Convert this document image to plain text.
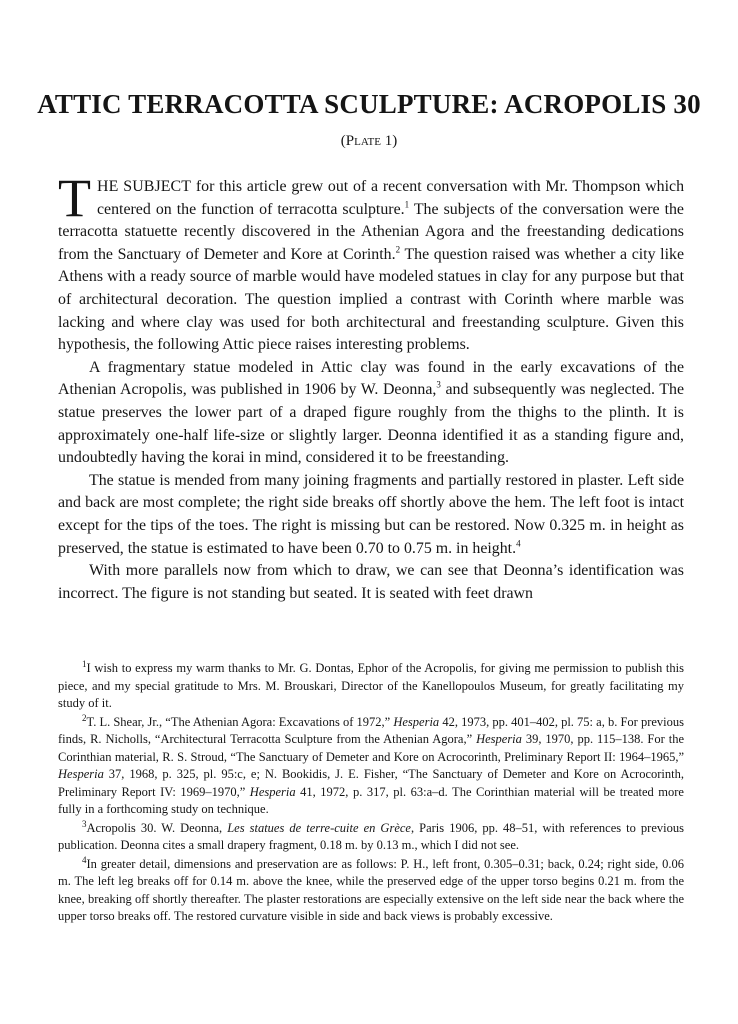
ATTIC TERRACOTTA SCULPTURE: ACROPOLIS 30

(Plate 1)

THE SUBJECT for this article grew out of a recent conversation with Mr. Thompson which centered on the function of terracotta sculpture.$^1$ The subjects of the conversation were the terracotta statuette recently discovered in the Athenian Agora and the freestanding dedications from the Sanctuary of Demeter and Kore at Corinth.$^2$ The question raised was whether a city like Athens with a ready source of marble would have modeled statues in clay for any purpose but that of architectural decoration. The question implied a contrast with Corinth where marble was lacking and where clay was used for both architectural and freestanding sculpture. Given this hypothesis, the following Attic piece raises interesting problems.

A fragmentary statue modeled in Attic clay was found in the early excavations of the Athenian Acropolis, was published in 1906 by W. Deonna,$^3$ and subsequently was neglected. The statue preserves the lower part of a draped figure roughly from the thighs to the plinth. It is approximately one-half life-size or slightly larger. Deonna identified it as a standing figure and, undoubtedly having the korai in mind, considered it to be freestanding.

The statue is mended from many joining fragments and partially restored in plaster. Left side and back are most complete; the right side breaks off shortly above the hem. The left foot is intact except for the tips of the toes. The right is missing but can be restored. Now 0.325 m. in height as preserved, the statue is estimated to have been 0.70 to 0.75 m. in height.$^4$

With more parallels now from which to draw, we can see that Deonna’s identification was incorrect. The figure is not standing but seated. It is seated with feet drawn

$^1$I wish to express my warm thanks to Mr. G. Dontas, Ephor of the Acropolis, for giving me permission to publish this piece, and my special gratitude to Mrs. M. Brouskari, Director of the Kanellopoulos Museum, for greatly facilitating my study of it.

$^2$T. L. Shear, Jr., “The Athenian Agora: Excavations of 1972,” Hesperia 42, 1973, pp. 401–402, pl. 75: a, b. For previous finds, R. Nicholls, “Architectural Terracotta Sculpture from the Athenian Agora,” Hesperia 39, 1970, pp. 115–138. For the Corinthian material, R. S. Stroud, “The Sanctuary of Demeter and Kore on Acrocorinth, Preliminary Report II: 1964–1965,” Hesperia 37, 1968, p. 325, pl. 95:c, e; N. Bookidis, J. E. Fisher, “The Sanctuary of Demeter and Kore on Acrocorinth, Preliminary Report IV: 1969–1970,” Hesperia 41, 1972, p. 317, pl. 63:a–d. The Corinthian material will be treated more fully in a forthcoming study on technique.

$^3$Acropolis 30. W. Deonna, Les statues de terre-cuite en Grèce, Paris 1906, pp. 48–51, with references to previous publication. Deonna cites a small drapery fragment, 0.18 m. by 0.13 m., which I did not see.

$^4$In greater detail, dimensions and preservation are as follows: P. H., left front, 0.305–0.31; back, 0.24; right side, 0.06 m. The left leg breaks off for 0.14 m. above the knee, while the preserved edge of the upper torso begins 0.21 m. from the knee, breaking off shortly thereafter. The plaster restorations are especially extensive on the left side near the back where the upper torso breaks off. The restored curvature visible in side and back views is probably excessive.
